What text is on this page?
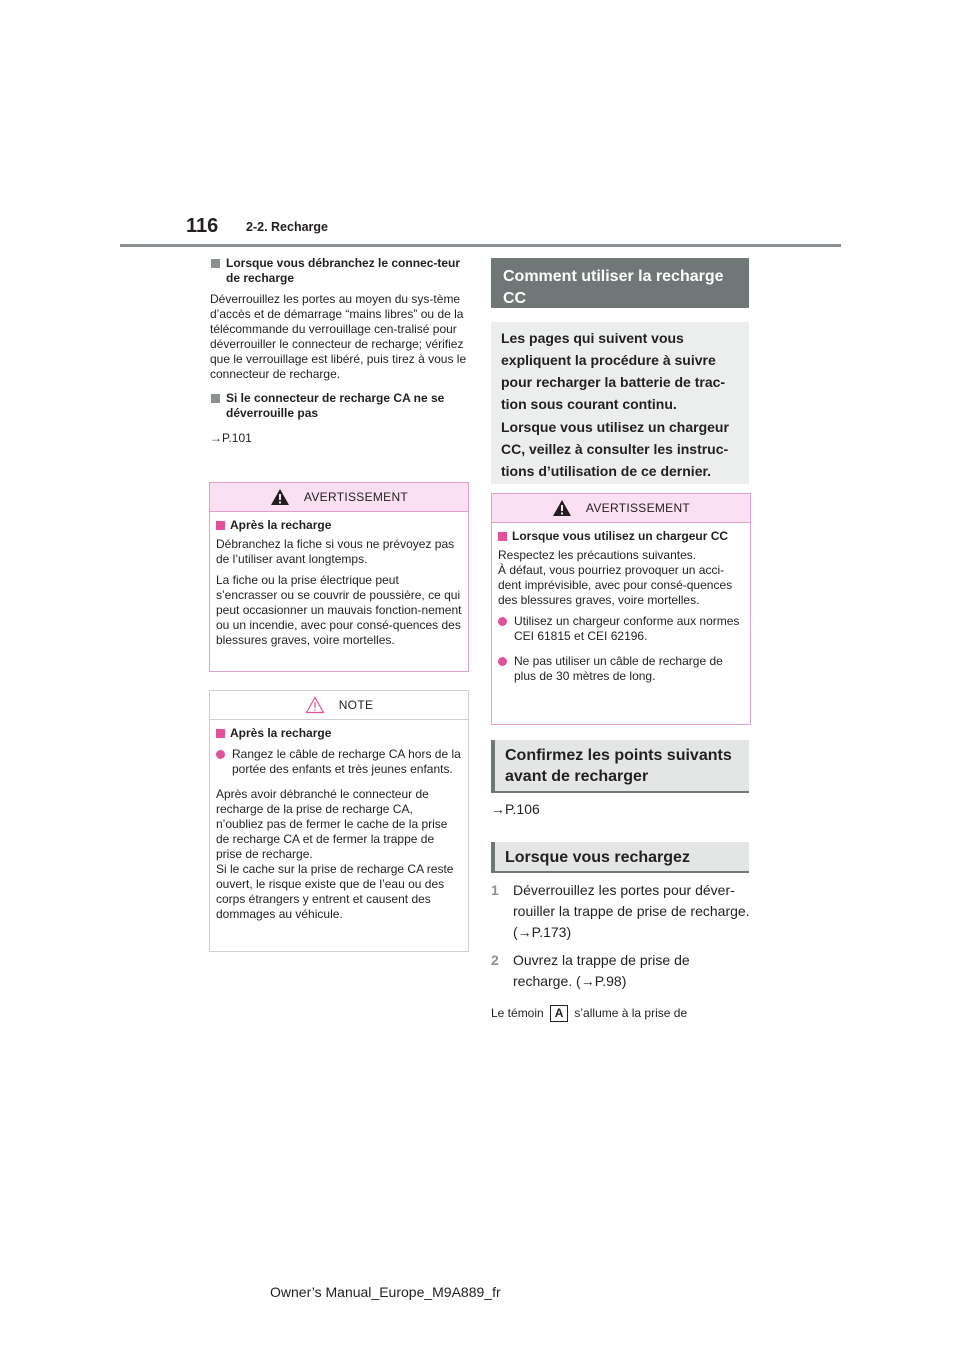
116 2-2. Recharge
Lorsque vous débranchez le connec-teur de recharge
Déverrouillez les portes au moyen du sys-tème d’accès et de démarrage “mains libres” ou de la télécommande du verrouillage cen-tralisé pour déverrouiller le connecteur de recharge; vérifiez que le verrouillage est libéré, puis tirez à vous le connecteur de recharge.
Si le connecteur de recharge CA ne se déverrouille pas
→P.101
AVERTISSEMENT
Après la recharge
Débranchez la fiche si vous ne prévoyez pas de l’utiliser avant longtemps.
La fiche ou la prise électrique peut s’encrasser ou se couvrir de poussière, ce qui peut occasionner un mauvais fonction-nement ou un incendie, avec pour consé-quences des blessures graves, voire mortelles.
NOTE
Après la recharge
Rangez le câble de recharge CA hors de la portée des enfants et très jeunes enfants.
Après avoir débranché le connecteur de recharge de la prise de recharge CA, n’oubliez pas de fermer le cache de la prise de recharge CA et de fermer la trappe de prise de recharge.
Si le cache sur la prise de recharge CA reste ouvert, le risque existe que de l’eau ou des corps étrangers y entrent et causent des dommages au véhicule.
Comment utiliser la recharge CC
Les pages qui suivent vous expliquent la procédure à suivre pour recharger la batterie de trac-tion sous courant continu.
Lorsque vous utilisez un chargeur CC, veillez à consulter les instruc-tions d’utilisation de ce dernier.
AVERTISSEMENT
Lorsque vous utilisez un chargeur CC
Respectez les précautions suivantes.
À défaut, vous pourriez provoquer un acci-dent imprévisible, avec pour consé-quences des blessures graves, voire mortelles.
Utilisez un chargeur conforme aux normes CEI 61815 et CEI 62196.
Ne pas utiliser un câble de recharge de plus de 30 mètres de long.
Confirmez les points suivants avant de recharger
→P.106
Lorsque vous rechargez
1 Déverrouillez les portes pour déver-rouiller la trappe de prise de recharge. (→P.173)
2 Ouvrez la trappe de prise de recharge. (→P.98)
Le témoin A s’allume à la prise de
Owner’s Manual_Europe_M9A889_fr
